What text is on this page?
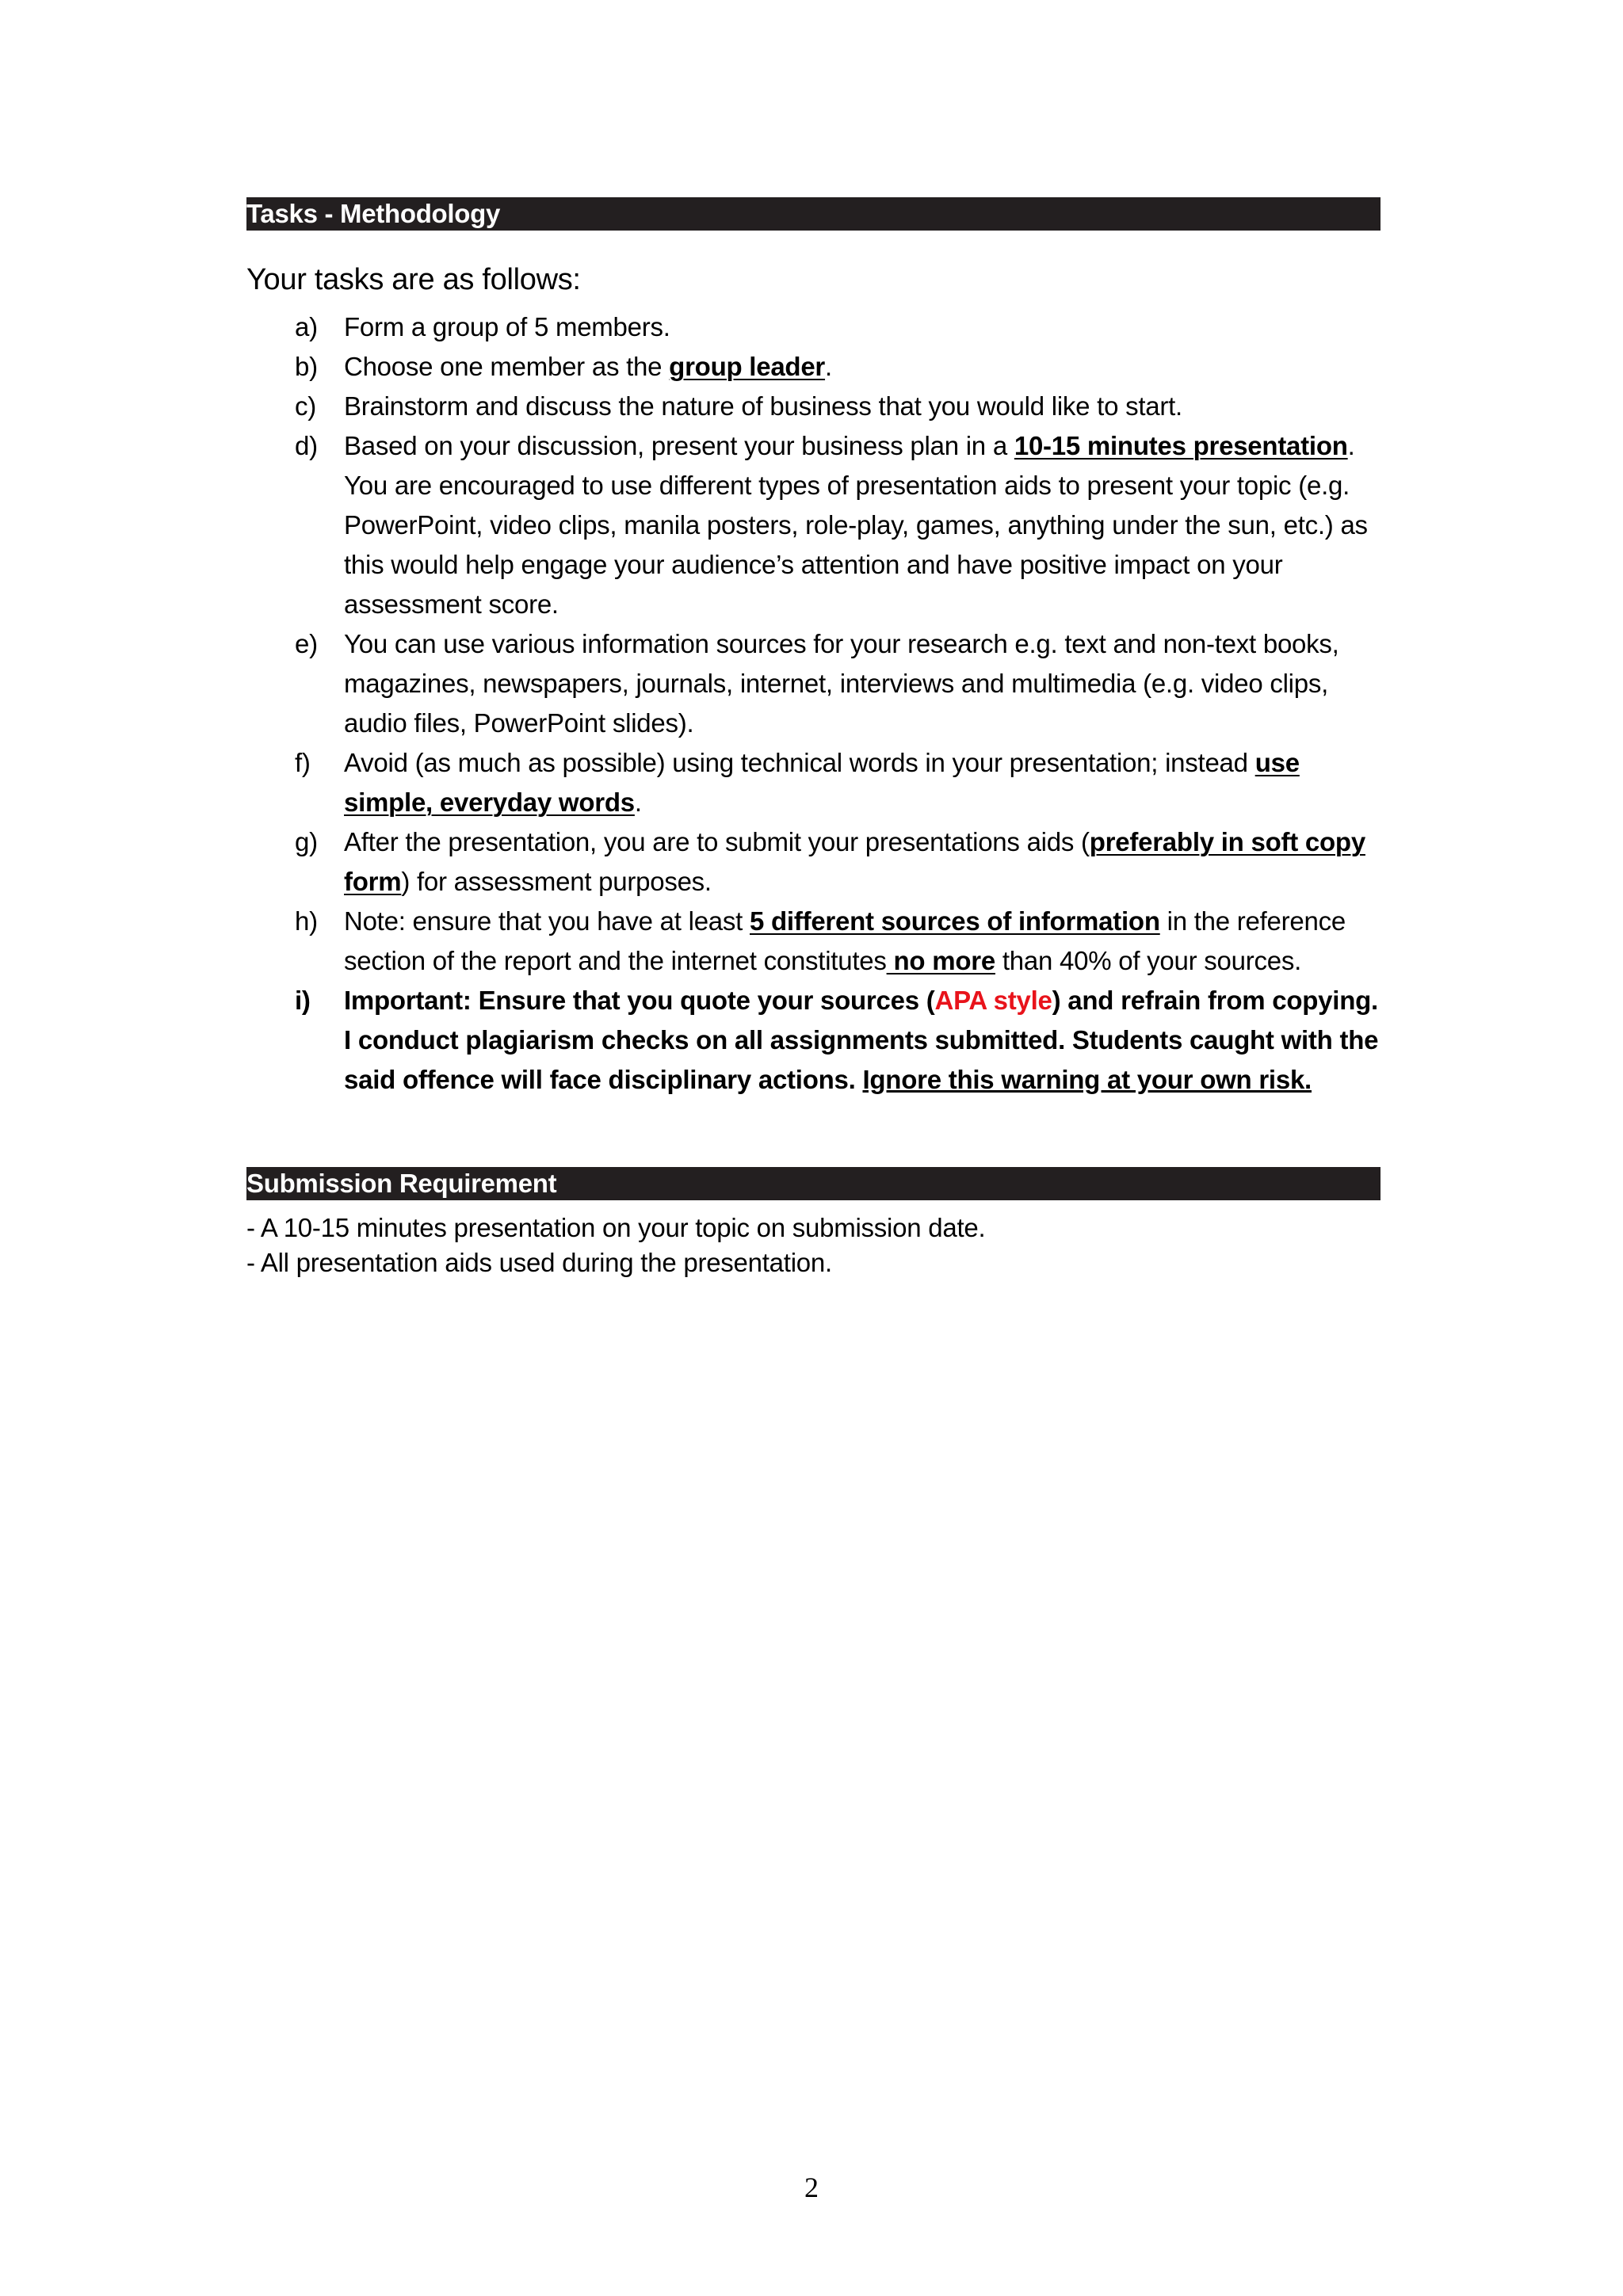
Tasks - Methodology
Your tasks are as follows:
a) Form a group of 5 members.
b) Choose one member as the group leader.
c) Brainstorm and discuss the nature of business that you would like to start.
d) Based on your discussion, present your business plan in a 10-15 minutes presentation. You are encouraged to use different types of presentation aids to present your topic (e.g. PowerPoint, video clips, manila posters, role-play, games, anything under the sun, etc.) as this would help engage your audience’s attention and have positive impact on your assessment score.
e) You can use various information sources for your research e.g. text and non-text books, magazines, newspapers, journals, internet, interviews and multimedia (e.g. video clips, audio files, PowerPoint slides).
f) Avoid (as much as possible) using technical words in your presentation; instead use simple, everyday words.
g) After the presentation, you are to submit your presentations aids (preferably in soft copy form) for assessment purposes.
h) Note: ensure that you have at least 5 different sources of information in the reference section of the report and the internet constitutes no more than 40% of your sources.
i) Important: Ensure that you quote your sources (APA style) and refrain from copying. I conduct plagiarism checks on all assignments submitted. Students caught with the said offence will face disciplinary actions. Ignore this warning at your own risk.
Submission Requirement
- A 10-15 minutes presentation on your topic on submission date.
- All presentation aids used during the presentation.
2
